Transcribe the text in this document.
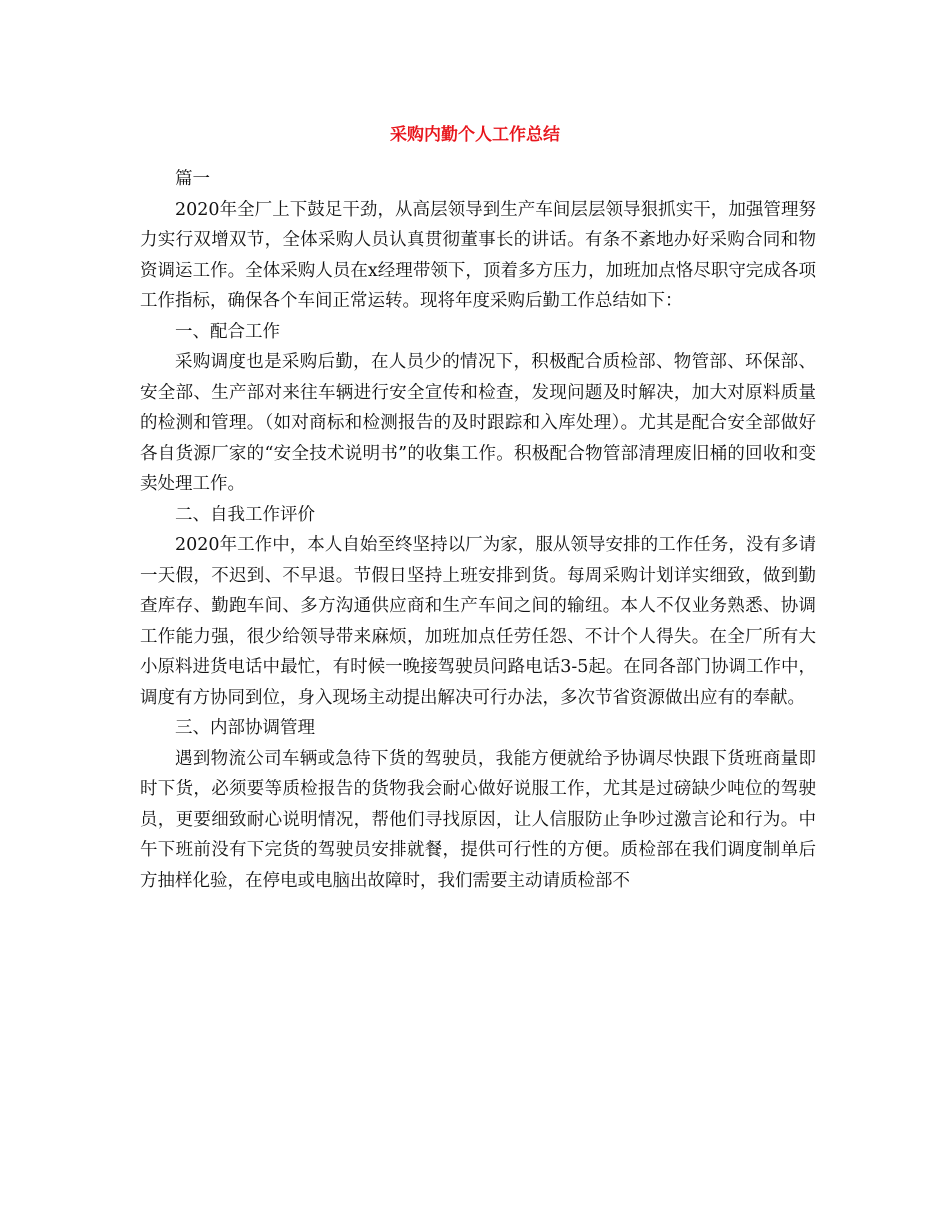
采购内勤个人工作总结

篇一

2020年全厂上下鼓足干劲，从高层领导到生产车间层层领导狠抓实干，加强管理努力实行双增双节，全体采购人员认真贯彻董事长的讲话。有条不紊地办好采购合同和物资调运工作。全体采购人员在x经理带领下，顶着多方压力，加班加点恪尽职守完成各项工作指标，确保各个车间正常运转。现将年度采购后勤工作总结如下：

一、配合工作

采购调度也是采购后勤，在人员少的情况下，积极配合质检部、物管部、环保部、安全部、生产部对来往车辆进行安全宣传和检查，发现问题及时解决，加大对原料质量的检测和管理。（如对商标和检测报告的及时跟踪和入库处理）。尤其是配合安全部做好各自货源厂家的“安全技术说明书”的收集工作。积极配合物管部清理废旧桶的回收和变卖处理工作。

二、自我工作评价

2020年工作中，本人自始至终坚持以厂为家，服从领导安排的工作任务，没有多请一天假，不迟到、不早退。节假日坚持上班安排到货。每周采购计划详实细致，做到勤查库存、勤跑车间、多方沟通供应商和生产车间之间的输纽。本人不仅业务熟悉、协调工作能力强，很少给领导带来麻烦，加班加点任劳任怨、不计个人得失。在全厂所有大小原料进货电话中最忙，有时候一晚接驾驶员问路电话3-5起。在同各部门协调工作中，调度有方协同到位，身入现场主动提出解决可行办法，多次节省资源做出应有的奉献。

三、内部协调管理

遇到物流公司车辆或急待下货的驾驶员，我能方便就给予协调尽快跟下货班商量即时下货，必须要等质检报告的货物我会耐心做好说服工作，尤其是过磅缺少吨位的驾驶员，更要细致耐心说明情况，帮他们寻找原因，让人信服防止争吵过激言论和行为。中午下班前没有下完货的驾驶员安排就餐，提供可行性的方便。质检部在我们调度制单后方抽样化验，在停电或电脑出故障时，我们需要主动请质检部不
